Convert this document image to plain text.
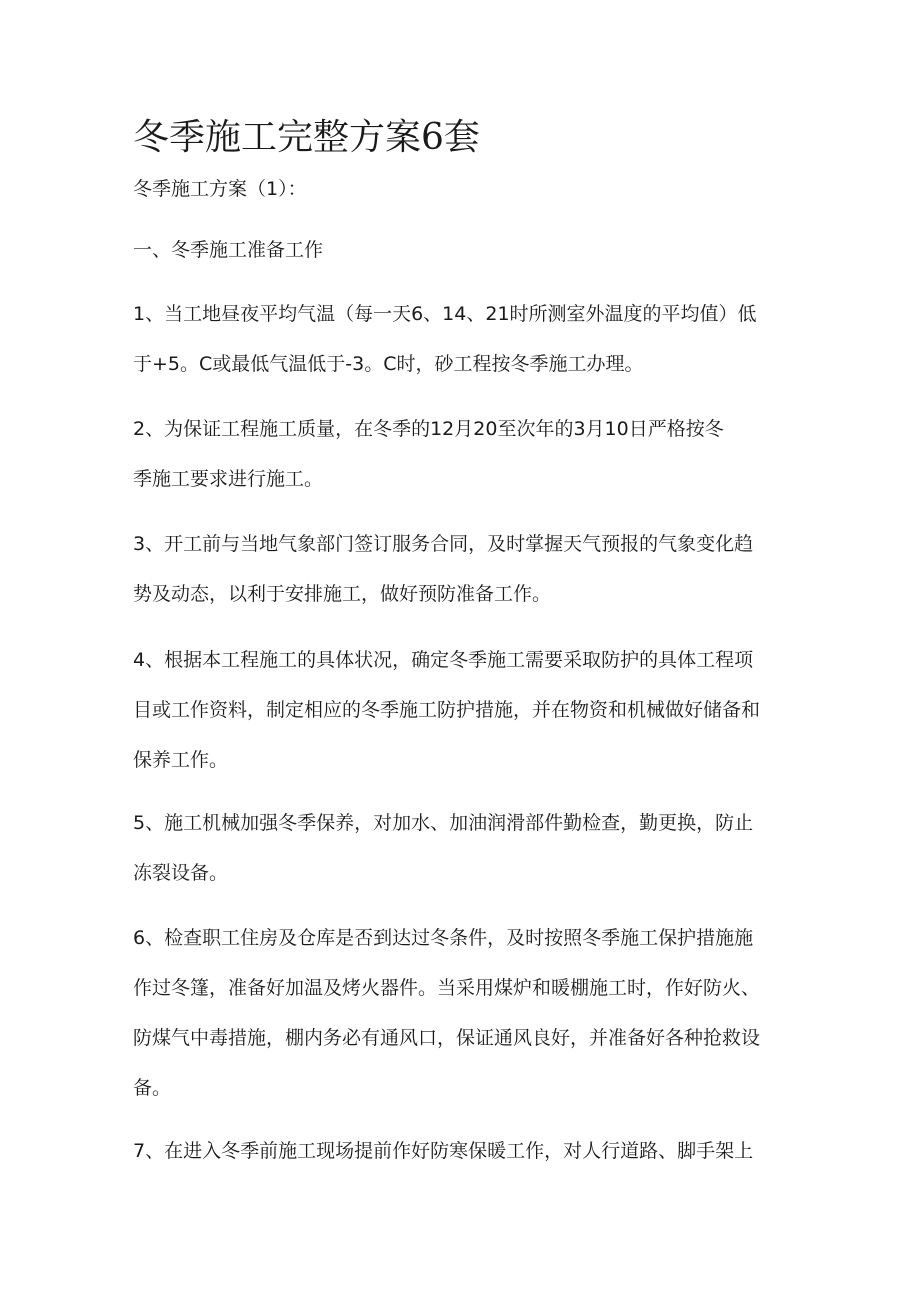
冬季施工完整方案6套

冬季施工方案（1）：

一、冬季施工准备工作

1、当工地昼夜平均气温（每一天6、14、21时所测室外温度的平均值）低
于+5。C或最低气温低于-3。C时，砂工程按冬季施工办理。

2、为保证工程施工质量，在冬季的12月20至次年的3月10日严格按冬
季施工要求进行施工。

3、开工前与当地气象部门签订服务合同，及时掌握天气预报的气象变化趋
势及动态，以利于安排施工，做好预防准备工作。

4、根据本工程施工的具体状况，确定冬季施工需要采取防护的具体工程项
目或工作资料，制定相应的冬季施工防护措施，并在物资和机械做好储备和
保养工作。

5、施工机械加强冬季保养，对加水、加油润滑部件勤检查，勤更换，防止
冻裂设备。

6、检查职工住房及仓库是否到达过冬条件，及时按照冬季施工保护措施施
作过冬篷，准备好加温及烤火器件。当采用煤炉和暖棚施工时，作好防火、
防煤气中毒措施，棚内务必有通风口，保证通风良好，并准备好各种抢救设
备。

7、在进入冬季前施工现场提前作好防寒保暖工作，对人行道路、脚手架上
